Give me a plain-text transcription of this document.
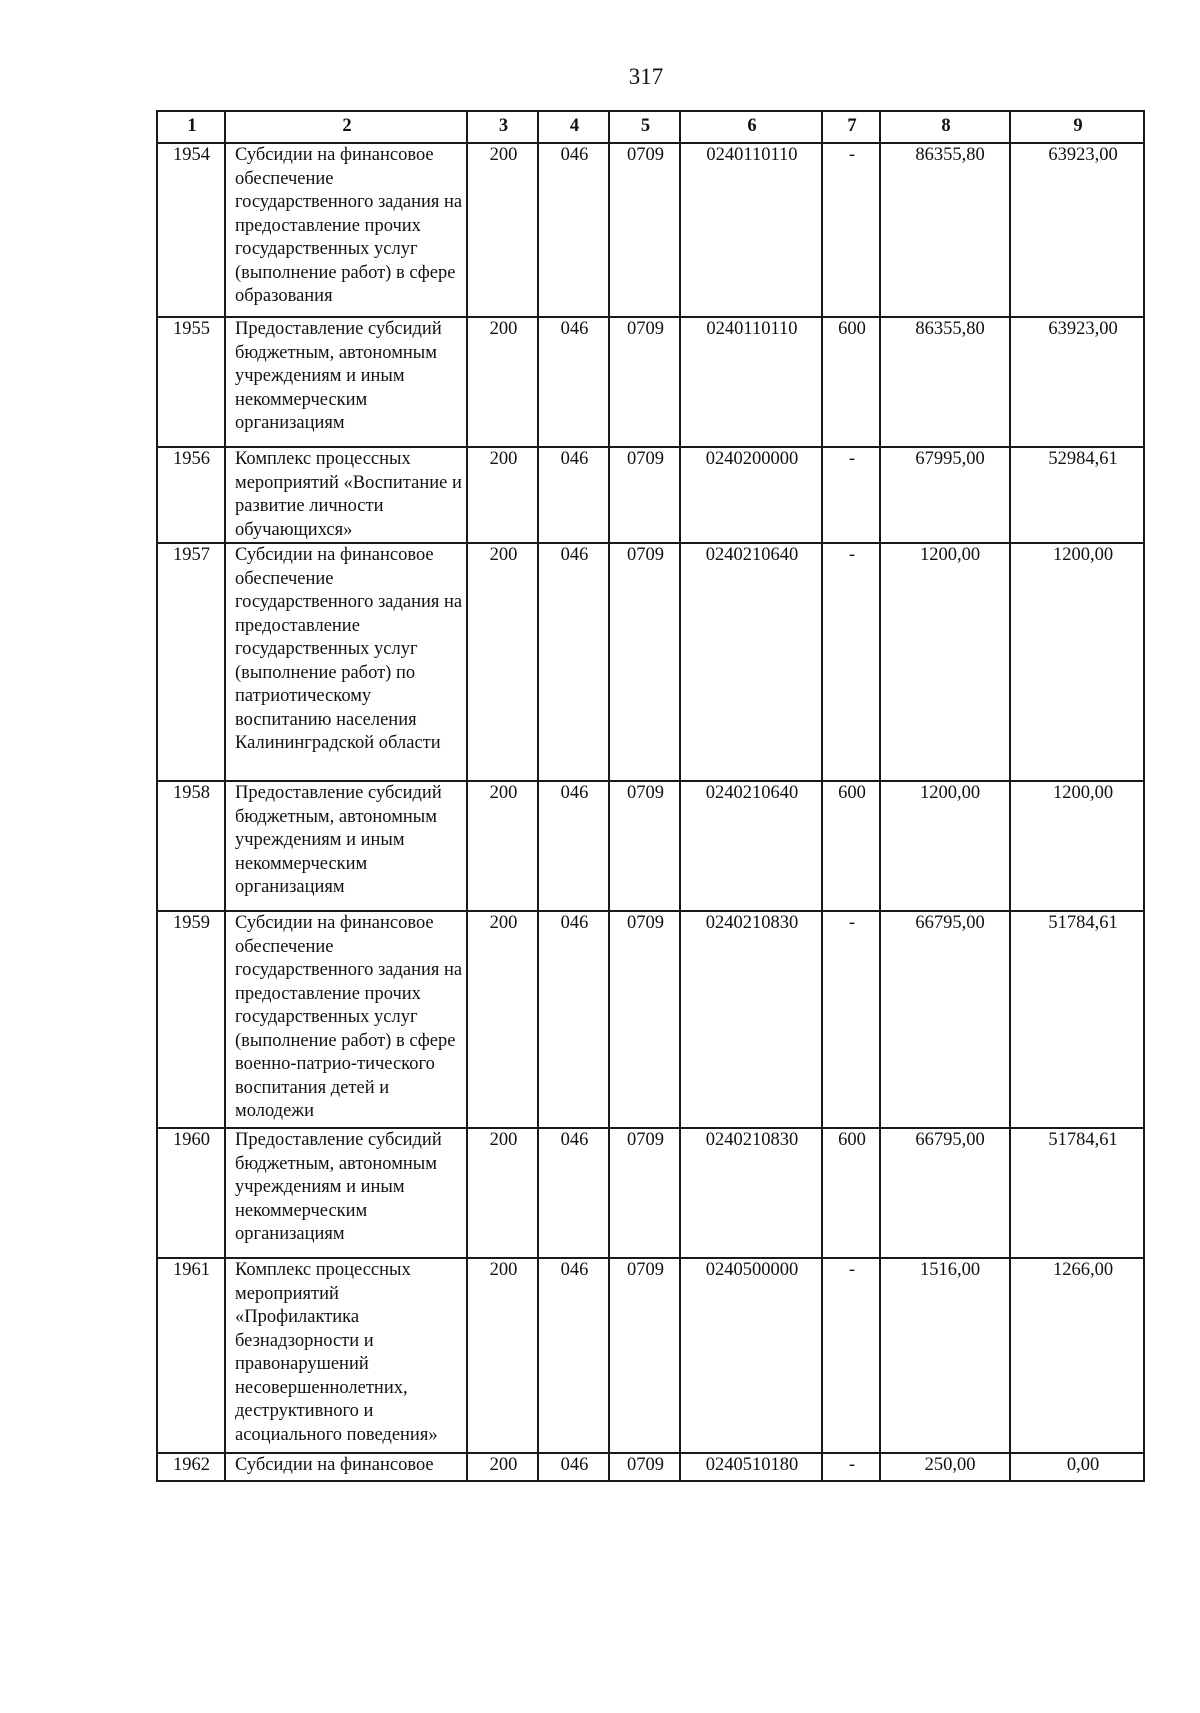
317
1	2	3	4	5	6	7	8	9
1954	Субсидии на финансовое обеспечение государственного задания на предоставление прочих государственных услуг (выполнение работ) в сфере образования	200	046	0709	0240110110	-	86355,80	63923,00
1955	Предоставление субсидий бюджетным, автономным учреждениям и иным некоммерческим организациям	200	046	0709	0240110110	600	86355,80	63923,00
1956	Комплекс процессных мероприятий «Воспитание и развитие личности обучающихся»	200	046	0709	0240200000	-	67995,00	52984,61
1957	Субсидии на финансовое обеспечение государственного задания на предоставление государственных услуг (выполнение работ) по патриотическому воспитанию населения Калининградской области	200	046	0709	0240210640	-	1200,00	1200,00
1958	Предоставление субсидий бюджетным, автономным учреждениям и иным некоммерческим организациям	200	046	0709	0240210640	600	1200,00	1200,00
1959	Субсидии на финансовое обеспечение государственного задания на предоставление прочих государственных услуг (выполнение работ) в сфере военно-патрио-тического воспитания детей и молодежи	200	046	0709	0240210830	-	66795,00	51784,61
1960	Предоставление субсидий бюджетным, автономным учреждениям и иным некоммерческим организациям	200	046	0709	0240210830	600	66795,00	51784,61
1961	Комплекс процессных мероприятий «Профилактика безнадзорности и правонарушений несовершеннолетних, деструктивного и асоциального поведения»	200	046	0709	0240500000	-	1516,00	1266,00
1962	Субсидии на финансовое	200	046	0709	0240510180	-	250,00	0,00
